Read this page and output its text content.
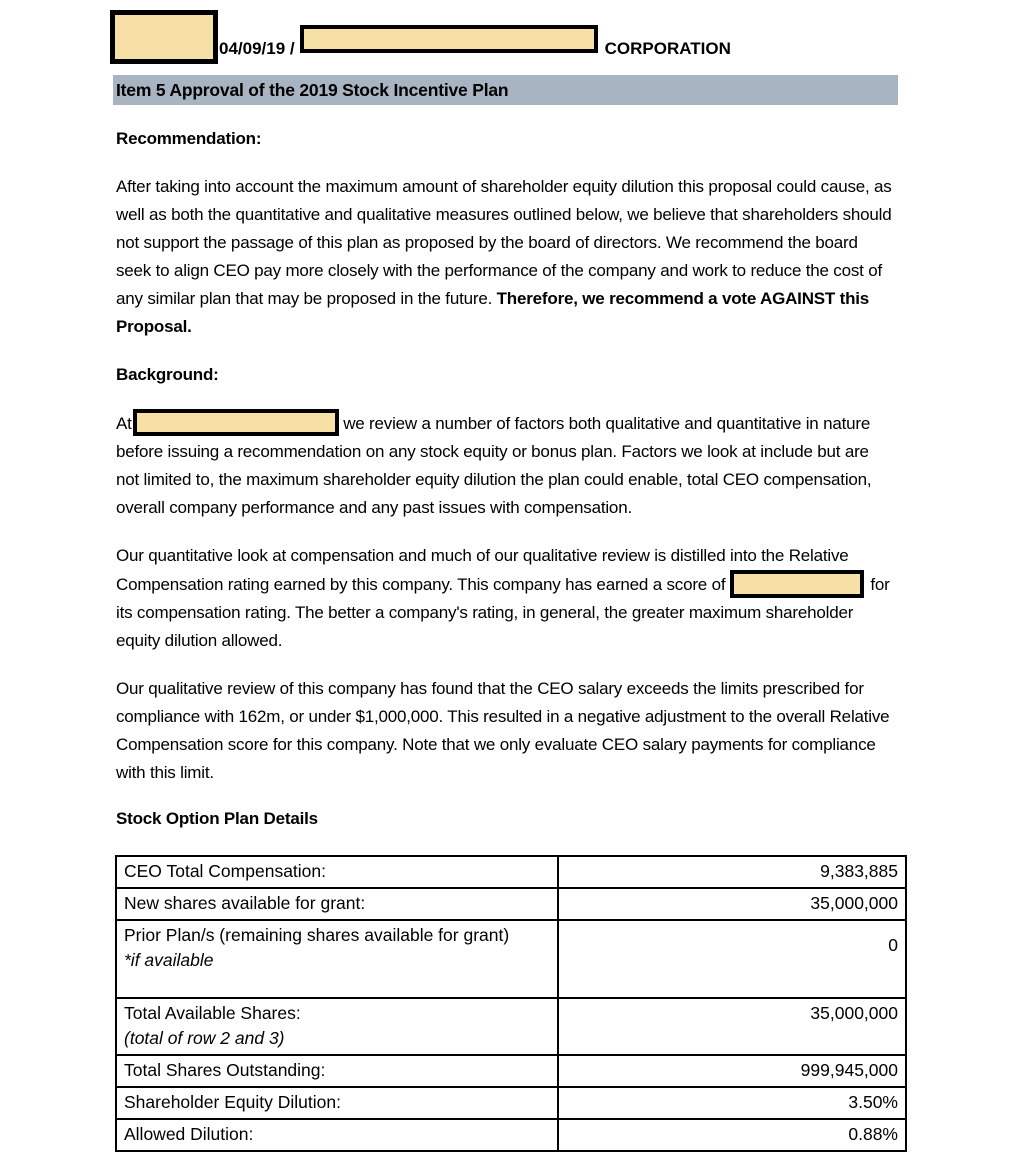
04/09/19 /	CORPORATION
Item 5 Approval of the 2019 Stock Incentive Plan
Recommendation:

After taking into account the maximum amount of shareholder equity dilution this proposal could cause, as well as both the quantitative and qualitative measures outlined below, we believe that shareholders should not support the passage of this plan as proposed by the board of directors. We recommend the board seek to align CEO pay more closely with the performance of the company and work to reduce the cost of any similar plan that may be proposed in the future. Therefore, we recommend a vote AGAINST this Proposal.

Background:

At	we review a number of factors both qualitative and quantitative in nature before issuing a recommendation on any stock equity or bonus plan. Factors we look at include but are not limited to, the maximum shareholder equity dilution the plan could enable, total CEO compensation, overall company performance and any past issues with compensation.

Our quantitative look at compensation and much of our qualitative review is distilled into the Relative Compensation rating earned by this company. This company has earned a score of	for its compensation rating. The better a company's rating, in general, the greater maximum shareholder equity dilution allowed.

Our qualitative review of this company has found that the CEO salary exceeds the limits prescribed for compliance with 162m, or under $1,000,000. This resulted in a negative adjustment to the overall Relative Compensation score for this company. Note that we only evaluate CEO salary payments for compliance with this limit.

Stock Option Plan Details
CEO Total Compensation:	9,383,885
New shares available for grant:	35,000,000
Prior Plan/s (remaining shares available for grant)
*if available	0
Total Available Shares:
(total of row 2 and 3)	35,000,000
Total Shares Outstanding:	999,945,000
Shareholder Equity Dilution:	3.50%
Allowed Dilution:	0.88%
